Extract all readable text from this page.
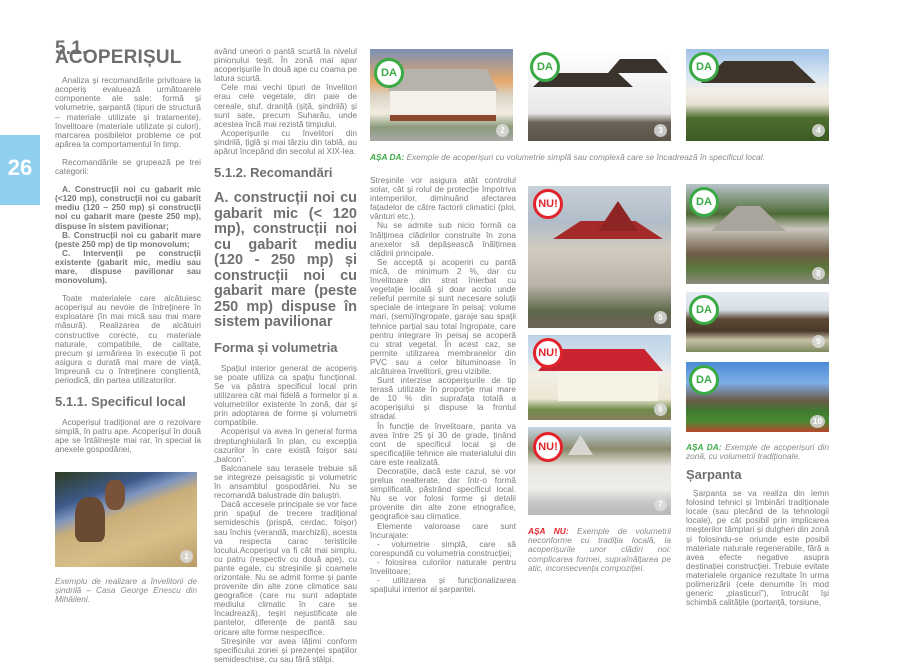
26
5.1. ACOPERIȘUL

Analiza și recomandările privitoare la acoperiș evaluează următoarele componente ale sale: formă și volumetrie, șarpantă (tipuri de structură – materiale utilizate și tratamente), învelitoare (materiale utilizate și culori), marcarea posibilelor probleme ce pot apărea la comportamentul în timp.

Recomandările se grupează pe trei categorii:

A. Construcții noi cu gabarit mic (<120 mp), construcții noi cu gabarit mediu (120 – 250 mp) și construcții noi cu gabarit mare (peste 250 mp), dispuse în sistem pavilionar;

B. Construcții noi cu gabarit mare (peste 250 mp) de tip monovolum;

C. Intervenții pe construcții existente (gabarit mic, mediu sau mare, dispuse pavilionar sau monovolum).

Toate materialele care alcătuiesc acoperișul au nevoie de întreținere în exploatare (în mai mică sau mai mare măsură). Realizarea de alcătuiri constructive corecte, cu materiale naturale, compatibile, de calitate, precum și urmărirea în execuție îi pot asigura o durată mai mare de viață, împreună cu o întreținere conștientă, periodică, din partea utilizatorilor.

5.1.1. Specificul local

Acoperișul tradițional are o rezolvare simplă, în patru ape. Acoperișul în două ape se întâlnește mai rar, în special la anexele gospodăriei,

1
Exemplu de realizare a învelitorii de șindrilă – Casa George Enescu din Mihăileni.

având uneori o pantă scurtă la nivelul pinionului teșit. În zonă mai apar acoperișurile în două ape cu coama pe latura scurtă.

Cele mai vechi tipuri de învelitori erau cele vegetale, din paie de cereale, stuf, draniță (șiță, șindrilă) și sunt sate, precum Suharău, unde acestea încă mai rezistă timpului.

Acoperișurile cu învelitori din șindrilă, țiglă și mai târziu din tablă, au apărut începând din secolul al XIX-lea.

5.1.2. Recomandări
A. construcții noi cu gabarit mic (< 120 mp), construcții noi cu gabarit mediu (120 - 250 mp) și construcții noi cu gabarit mare (peste 250 mp) dispuse în sistem pavilionar
Forma și volumetria

Spațiul interior generat de acoperiș se poate utiliza ca spațiu funcțional. Se va păstra specificul local prin utilizarea cât mai fidelă a formelor și a volumetriilor existente în zonă, dar și prin adoptarea de forme și volumetrii compatibile.

Acoperișul va avea în general forma dreptunghiulară în plan, cu excepția cazurilor în care există foișor sau „balcon”.

Balcoanele sau terasele trebuie să se integreze peisagistic și volumetric în ansamblul gospodăriei. Nu se recomandă balustrade din baluștri.

Dacă accesele principale se vor face prin spațiul de trecere tradițional semideschis (prispă, cerdac, foișor) sau închis (verandă, marchiză), acesta va respecta carac teristicile locului.Acoperișul va fi cât mai simplu, cu patru (respectiv cu două ape), cu pante egale, cu streșinile și coamele orizontale. Nu se admit forme și pante provenite din alte zone climatice sau geografice (care nu sunt adaptate mediului climatic în care se încadrează), teșiri nejustificate ale pantelor, diferențe de pantă sau oricare alte forme nespecifice.

Streșinile vor avea lățimi conform specificului zonei și prezenței spațiilor semideschise, cu sau fără stâlpi.

DA
2
DA
3
DA
4
AȘA DA: Exemple de acoperișuri cu volumetrie simplă sau complexă care se încadrează în specificul local.

Streșinile vor asigura atât controlul solar, cât și rolul de protecție împotriva intemperiilor, diminuând afectarea fațadelor de către factorii climatici (ploi, vânturi etc.).

Nu se admite sub nicio formă ca înălțimea clădirilor construite în zona anexelor să depășească înălțimea clădirii principale.

Se acceptă și acoperiri cu pantă mică, de minimum 2 %, dar cu învelitoare din strat înierbat cu vegetație locală și doar acolo unde relieful permite și sunt necesare soluții speciale de integrare în peisaj: volume mari, (semi)îngropate, garaje sau spații tehnice parțial sau total îngropate, care pentru integrare în peisaj se acoperă cu strat vegetal. În acest caz, se permite utilizarea membranelor din PVC sau a celor bituminoase în alcătuirea învelitorii, greu vizibile.

Sunt interzise acoperișurile de tip terasă utilizate în proporție mai mare de 10 % din suprafața totală a acoperișului și dispuse la frontul stradal.

În funcție de învelitoare, panta va avea între 25 și 30 de grade, ținând cont de specificul local și de specificațiile tehnice ale materialului din care este realizată.

Decorațiile, dacă este cazul, se vor prelua nealterate, dar într-o formă simplificată, păstrând specificul local. Nu se vor folosi forme și detalii provenite din alte zone etnografice, geografice sau climatice.

Elemente valoroase care sunt încurajate:

- volumetrie simplă, care să corespundă cu volumetria construcției;

- folosirea culorilor naturale pentru învelitoare;

- utilizarea și funcționalizarea spațiului interior al șarpantei.

NU!
5
NU!
6
NU!
7
AȘA NU: Exemple de volumetrii neconforme cu tradiția locală, la acoperișurile unor clădiri noi: complicarea formei, supraînălțarea pe atic, inconsecvența compoziției.
DA
8
DA
9
DA
10
AȘA DA: Exemple de acoperișuri din zonă, cu volumetrii tradiționale.
Șarpanta

Șarpanta se va realiza din lemn folosind tehnici și îmbinări tradiționale locale (sau plecând de la tehnologii locale), pe cât posibil prin implicarea meșterilor tâmplari și dulgheri din zonă și folosindu-se oriunde este posibil materiale naturale regenerabile, fără a avea efecte negative asupra destinației construcției. Trebuie evitate materialele organice rezultate în urma polimerizării (cele denumite în mod generic „plasticuri”), întrucât își schimbă calitățile (portanță, torsiune,
